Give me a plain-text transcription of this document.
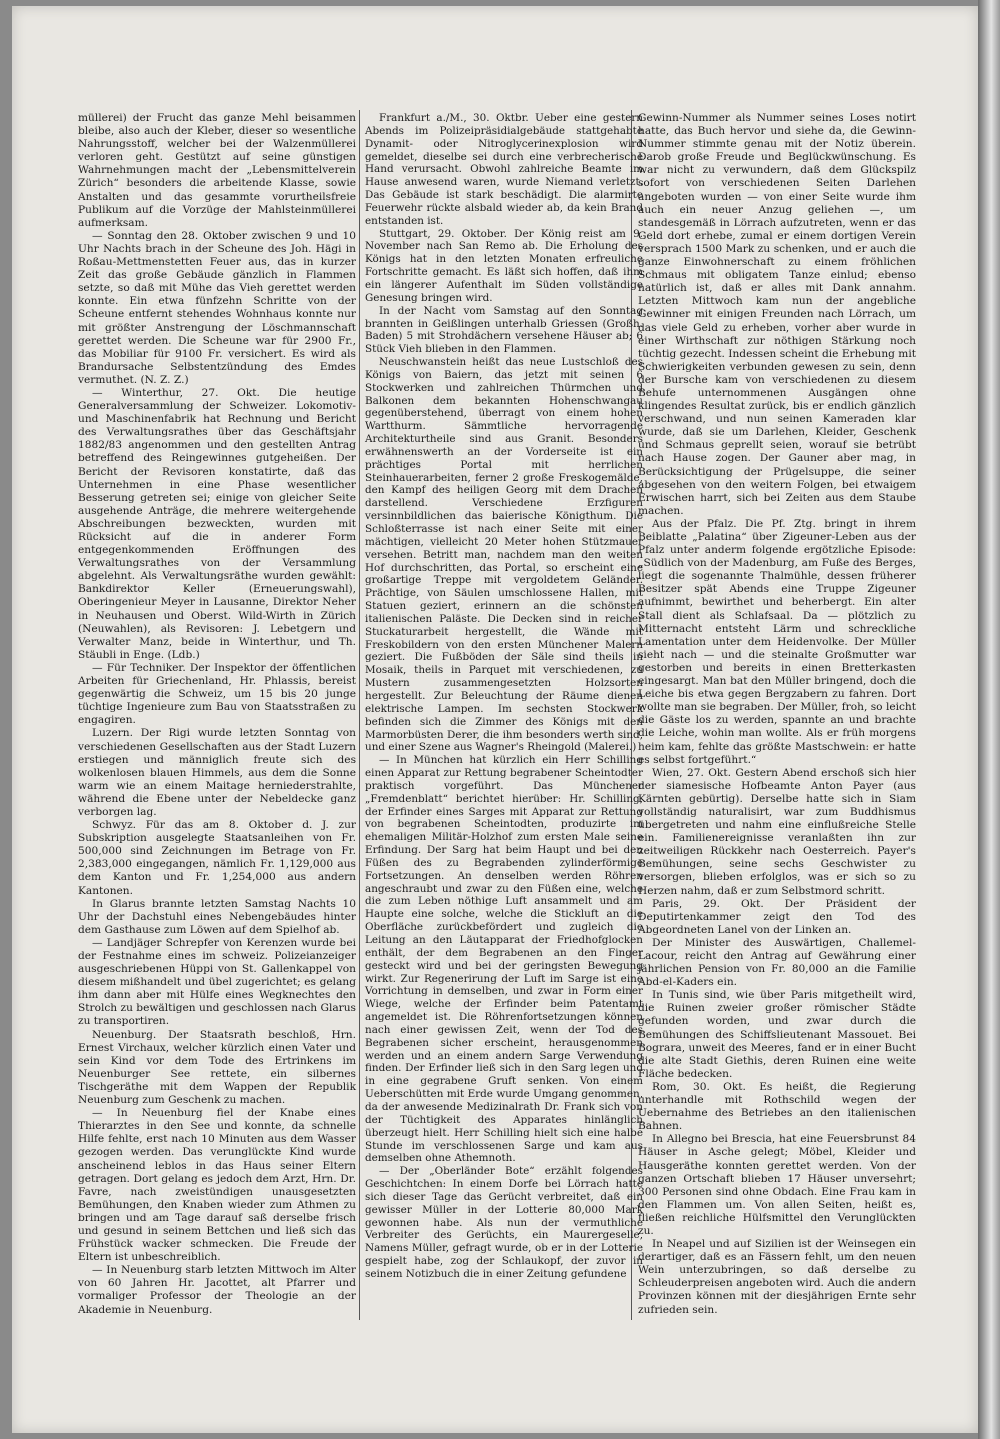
müllerei) der Frucht das ganze Mehl beisammen bleibe, also auch der Kleber, dieser so wesentliche Nahrungsstoff, welcher bei der Walzenmüllerei verloren geht. Gestützt auf seine günstigen Wahrnehmungen macht der „Lebensmittelverein Zürich“ besonders die arbeitende Klasse, sowie Anstalten und das gesammte vorurtheilsfreie Publikum auf die Vorzüge der Mahlsteinmüllerei aufmerksam.

— Sonntag den 28. Oktober zwischen 9 und 10 Uhr Nachts brach in der Scheune des Joh. Hägi in Roßau-Mettmenstetten Feuer aus, das in kurzer Zeit das große Gebäude gänzlich in Flammen setzte, so daß mit Mühe das Vieh gerettet werden konnte. Ein etwa fünfzehn Schritte von der Scheune entfernt stehendes Wohnhaus konnte nur mit größter Anstrengung der Löschmannschaft gerettet werden. Die Scheune war für 2900 Fr., das Mobiliar für 9100 Fr. versichert. Es wird als Brandursache Selbstentzündung des Emdes vermuthet. (N. Z. Z.)

— Winterthur, 27. Okt. Die heutige Generalversammlung der Schweizer. Lokomotiv- und Maschinenfabrik hat Rechnung und Bericht des Verwaltungsrathes über das Geschäftsjahr 1882/83 angenommen und den gestellten Antrag betreffend des Reingewinnes gutgeheißen. Der Bericht der Revisoren konstatirte, daß das Unternehmen in eine Phase wesentlicher Besserung getreten sei; einige von gleicher Seite ausgehende Anträge, die mehrere weitergehende Abschreibungen bezweckten, wurden mit Rücksicht auf die in anderer Form entgegenkommenden Eröffnungen des Verwaltungsrathes von der Versammlung abgelehnt. Als Verwaltungsräthe wurden gewählt: Bankdirektor Keller (Erneuerungswahl), Oberingenieur Meyer in Lausanne, Direktor Neher in Neuhausen und Oberst. Wild-Wirth in Zürich (Neuwahlen), als Revisoren: J. Lebetgern und Verwalter Manz, beide in Winterthur, und Th. Stäubli in Enge. (Ldb.)

— Für Techniker. Der Inspektor der öffentlichen Arbeiten für Griechenland, Hr. Phlassis, bereist gegenwärtig die Schweiz, um 15 bis 20 junge tüchtige Ingenieure zum Bau von Staatsstraßen zu engagiren.

Luzern. Der Rigi wurde letzten Sonntag von verschiedenen Gesellschaften aus der Stadt Luzern erstiegen und männiglich freute sich des wolkenlosen blauen Himmels, aus dem die Sonne warm wie an einem Maitage herniederstrahlte, während die Ebene unter der Nebeldecke ganz verborgen lag.

Schwyz. Für das am 8. Oktober d. J. zur Subskription ausgelegte Staatsanleihen von Fr. 500,000 sind Zeichnungen im Betrage von Fr. 2,383,000 eingegangen, nämlich Fr. 1,129,000 aus dem Kanton und Fr. 1,254,000 aus andern Kantonen.

In Glarus brannte letzten Samstag Nachts 10 Uhr der Dachstuhl eines Nebengebäudes hinter dem Gasthause zum Löwen auf dem Spielhof ab.

— Landjäger Schrepfer von Kerenzen wurde bei der Festnahme eines im schweiz. Polizeianzeiger ausgeschriebenen Hüppi von St. Gallenkappel von diesem mißhandelt und übel zugerichtet; es gelang ihm dann aber mit Hülfe eines Wegknechtes den Strolch zu bewältigen und geschlossen nach Glarus zu transportiren.

Neuenburg. Der Staatsrath beschloß, Hrn. Ernest Virchaux, welcher kürzlich einen Vater und sein Kind vor dem Tode des Ertrinkens im Neuenburger See rettete, ein silbernes Tischgeräthe mit dem Wappen der Republik Neuenburg zum Geschenk zu machen.

— In Neuenburg fiel der Knabe eines Thierarztes in den See und konnte, da schnelle Hilfe fehlte, erst nach 10 Minuten aus dem Wasser gezogen werden. Das verunglückte Kind wurde anscheinend leblos in das Haus seiner Eltern getragen. Dort gelang es jedoch dem Arzt, Hrn. Dr. Favre, nach zweistündigen unausgesetzten Bemühungen, den Knaben wieder zum Athmen zu bringen und am Tage darauf saß derselbe frisch und gesund in seinem Bettchen und ließ sich das Frühstück wacker schmecken. Die Freude der Eltern ist unbeschreiblich.

— In Neuenburg starb letzten Mittwoch im Alter von 60 Jahren Hr. Jacottet, alt Pfarrer und vormaliger Professor der Theologie an der Akademie in Neuenburg.

Frankfurt a./M., 30. Oktbr. Ueber eine gestern Abends im Polizeipräsidialgebäude stattgehabte Dynamit- oder Nitroglycerinexplosion wird gemeldet, dieselbe sei durch eine verbrecherische Hand verursacht. Obwohl zahlreiche Beamte im Hause anwesend waren, wurde Niemand verletzt. Das Gebäude ist stark beschädigt. Die alarmirte Feuerwehr rückte alsbald wieder ab, da kein Brand entstanden ist.

Stuttgart, 29. Oktober. Der König reist am 9. November nach San Remo ab. Die Erholung des Königs hat in den letzten Monaten erfreuliche Fortschritte gemacht. Es läßt sich hoffen, daß ihm ein längerer Aufenthalt im Süden vollständige Genesung bringen wird.

In der Nacht vom Samstag auf den Sonntag brannten in Geißlingen unterhalb Griessen (Großh. Baden) 5 mit Strohdächern versehene Häuser ab; 6 Stück Vieh blieben in den Flammen.

Neuschwanstein heißt das neue Lustschloß des Königs von Baiern, das jetzt mit seinen 6 Stockwerken und zahlreichen Thürmchen und Balkonen dem bekannten Hohenschwangau gegenüberstehend, überragt von einem hohen Wartthurm. Sämmtliche hervorragende Architekturtheile sind aus Granit. Besonders erwähnenswerth an der Vorderseite ist ein prächtiges Portal mit herrlichen Steinhauerarbeiten, ferner 2 große Freskogemälde, den Kampf des heiligen Georg mit dem Drachen darstellend. Verschiedene Erzfiguren versinnbildlichen das baierische Königthum. Die Schloßterrasse ist nach einer Seite mit einer mächtigen, vielleicht 20 Meter hohen Stützmauer versehen. Betritt man, nachdem man den weiten Hof durchschritten, das Portal, so erscheint eine großartige Treppe mit vergoldetem Geländer. Prächtige, von Säulen umschlossene Hallen, mit Statuen geziert, erinnern an die schönsten italienischen Paläste. Die Decken sind in reicher Stuckaturarbeit hergestellt, die Wände mit Freskobildern von den ersten Münchener Malern geziert. Die Fußböden der Säle sind theils in Mosaik, theils in Parquet mit verschiedenen, zu Mustern zusammengesetzten Holzsorten hergestellt. Zur Beleuchtung der Räume dienen elektrische Lampen. Im sechsten Stockwerk befinden sich die Zimmer des Königs mit den Marmorbüsten Derer, die ihm besonders werth sind, und einer Szene aus Wagner's Rheingold (Malerei.)

— In München hat kürzlich ein Herr Schilling einen Apparat zur Rettung begrabener Scheintodter praktisch vorgeführt. Das Münchener „Fremdenblatt“ berichtet hierüber: Hr. Schilling, der Erfinder eines Sarges mit Apparat zur Rettung von begrabenen Scheintodten, produzirte im ehemaligen Militär-Holzhof zum ersten Male seine Erfindung. Der Sarg hat beim Haupt und bei den Füßen des zu Begrabenden zylinderförmige Fortsetzungen. An denselben werden Röhren angeschraubt und zwar zu den Füßen eine, welche die zum Leben nöthige Luft ansammelt und am Haupte eine solche, welche die Stickluft an die Oberfläche zurückbefördert und zugleich die Leitung an den Läutapparat der Friedhofglocken enthält, der dem Begrabenen an den Finger gesteckt wird und bei der geringsten Bewegung wirkt. Zur Regenerirung der Luft im Sarge ist eine Vorrichtung in demselben, und zwar in Form einer Wiege, welche der Erfinder beim Patentamt angemeldet ist. Die Röhrenfortsetzungen können nach einer gewissen Zeit, wenn der Tod des Begrabenen sicher erscheint, herausgenommen werden und an einem andern Sarge Verwendung finden. Der Erfinder ließ sich in den Sarg legen und in eine gegrabene Gruft senken. Von einem Ueberschütten mit Erde wurde Umgang genommen, da der anwesende Medizinalrath Dr. Frank sich von der Tüchtigkeit des Apparates hinlänglich überzeugt hielt. Herr Schilling hielt sich eine halbe Stunde im verschlossenen Sarge und kam aus demselben ohne Athemnoth.

— Der „Oberländer Bote“ erzählt folgendes Geschichtchen: In einem Dorfe bei Lörrach hatte sich dieser Tage das Gerücht verbreitet, daß ein gewisser Müller in der Lotterie 80,000 Mark gewonnen habe. Als nun der vermuthliche Verbreiter des Gerüchts, ein Maurergeselle, Namens Müller, gefragt wurde, ob er in der Lotterie gespielt habe, zog der Schlaukopf, der zuvor in seinem Notizbuch die in einer Zeitung gefundene

Gewinn-Nummer als Nummer seines Loses notirt hatte, das Buch hervor und siehe da, die Gewinn-Nummer stimmte genau mit der Notiz überein. Darob große Freude und Beglückwünschung. Es war nicht zu verwundern, daß dem Glückspilz sofort von verschiedenen Seiten Darlehen angeboten wurden — von einer Seite wurde ihm auch ein neuer Anzug geliehen —, um standesgemäß in Lörrach aufzutreten, wenn er das Geld dort erhebe, zumal er einem dortigen Verein versprach 1500 Mark zu schenken, und er auch die ganze Einwohnerschaft zu einem fröhlichen Schmaus mit obligatem Tanze einlud; ebenso natürlich ist, daß er alles mit Dank annahm. Letzten Mittwoch kam nun der angebliche Gewinner mit einigen Freunden nach Lörrach, um das viele Geld zu erheben, vorher aber wurde in einer Wirthschaft zur nöthigen Stärkung noch tüchtig gezecht. Indessen scheint die Erhebung mit Schwierigkeiten verbunden gewesen zu sein, denn der Bursche kam von verschiedenen zu diesem Behufe unternommenen Ausgängen ohne klingendes Resultat zurück, bis er endlich gänzlich verschwand, und nun seinen Kameraden klar wurde, daß sie um Darlehen, Kleider, Geschenk und Schmaus geprellt seien, worauf sie betrübt nach Hause zogen. Der Gauner aber mag, in Berücksichtigung der Prügelsuppe, die seiner abgesehen von den weitern Folgen, bei etwaigem Erwischen harrt, sich bei Zeiten aus dem Staube machen.

Aus der Pfalz. Die Pf. Ztg. bringt in ihrem Beiblatte „Palatina“ über Zigeuner-Leben aus der Pfalz unter anderm folgende ergötzliche Episode: „Südlich von der Madenburg, am Fuße des Berges, liegt die sogenannte Thalmühle, dessen früherer Besitzer spät Abends eine Truppe Zigeuner aufnimmt, bewirthet und beherbergt. Ein alter Stall dient als Schlafsaal. Da — plötzlich zu Mitternacht entsteht Lärm und schreckliche Lamentation unter dem Heidenvolke. Der Müller sieht nach — und die steinalte Großmutter war gestorben und bereits in einen Bretterkasten eingesargt. Man bat den Müller bringend, doch die Leiche bis etwa gegen Bergzabern zu fahren. Dort wollte man sie begraben. Der Müller, froh, so leicht die Gäste los zu werden, spannte an und brachte die Leiche, wohin man wollte. Als er früh morgens heim kam, fehlte das größte Mastschwein: er hatte es selbst fortgeführt.“

Wien, 27. Okt. Gestern Abend erschoß sich hier der siamesische Hofbeamte Anton Payer (aus Kärnten gebürtig). Derselbe hatte sich in Siam vollständig naturalisirt, war zum Buddhismus übergetreten und nahm eine einflußreiche Stelle ein. Familienereignisse veranlaßten ihn zur zeitweiligen Rückkehr nach Oesterreich. Payer's Bemühungen, seine sechs Geschwister zu versorgen, blieben erfolglos, was er sich so zu Herzen nahm, daß er zum Selbstmord schritt.

Paris, 29. Okt. Der Präsident der Deputirtenkammer zeigt den Tod des Abgeordneten Lanel von der Linken an.

Der Minister des Auswärtigen, Challemel-Lacour, reicht den Antrag auf Gewährung einer jährlichen Pension von Fr. 80,000 an die Familie Abd-el-Kaders ein.

In Tunis sind, wie über Paris mitgetheilt wird, die Ruinen zweier großer römischer Städte gefunden worden, und zwar durch die Bemühungen des Schiffslieutenant Massouet. Bei Bograra, unweit des Meeres, fand er in einer Bucht die alte Stadt Giethis, deren Ruinen eine weite Fläche bedecken.

Rom, 30. Okt. Es heißt, die Regierung unterhandle mit Rothschild wegen der Uebernahme des Betriebes an den italienischen Bahnen.

In Allegno bei Brescia, hat eine Feuersbrunst 84 Häuser in Asche gelegt; Möbel, Kleider und Hausgeräthe konnten gerettet werden. Von der ganzen Ortschaft blieben 17 Häuser unversehrt; 300 Personen sind ohne Obdach. Eine Frau kam in den Flammen um. Von allen Seiten, heißt es, fließen reichliche Hülfsmittel den Verunglückten zu.

In Neapel und auf Sizilien ist der Weinsegen ein derartiger, daß es an Fässern fehlt, um den neuen Wein unterzubringen, so daß derselbe zu Schleuderpreisen angeboten wird. Auch die andern Provinzen können mit der diesjährigen Ernte sehr zufrieden sein.
